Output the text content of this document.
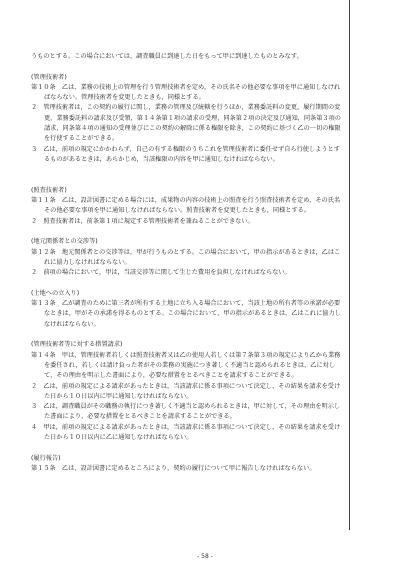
うものとする。この場合においては，調査職員に到達した日をもって甲に到達したものとみなす。

(管理技術者)

第１０条　乙は，業務の技術上の管理を行う管理技術者を定め，その氏名その他必要な事項を甲に通知しなければならない。管理技術者を変更したときも，同様とする。

２　管理技術者は，この契約の履行に関し，業務の管理及び統轄を行うほか，業務委託料の変更，履行期間の変更，業務委託料の請求及び受領，第１４条第１項の請求の受理，同条第２項の決定及び通知，同条第３項の請求，同条第４項の通知の受理並びにこの契約の解除に係る権限を除き，この契約に基づく乙の一切の権限を行使することができる。

３　乙は，前項の規定にかかわらず，自己の有する権限のうちこれを管理技術者に委任せず自ら行使しようとするものがあるときは，あらかじめ，当該権限の内容を甲に通知しなければならない。

(照査技術者)

第１１条　乙は，設計図書に定める場合には，成果物の内容の技術上の照査を行う照査技術者を定め，その氏名その他必要な事項を甲に通知しなければならない。照査技術者を変更したときも，同様とする。

２　照査技術者は，前条第１項に規定する管理技術者を兼ねることができない。

(地元関係者との交渉等)

第１２条　地元関係者との交渉等は，甲が行うものとする。この場合において，甲の指示があるときは，乙はこれに協力しなければならない。

２　前項の場合において，甲は，当該交渉等に関して生じた費用を負担しなければならない。

(土地への立入り)

第１３条　乙が調査のために第三者が所有する土地に立ち入る場合において，当該土地の所有者等の承諾が必要なときは，甲がその承諾を得るものとする。この場合において，甲の指示があるときは，乙はこれに協力しなければならない。

(管理技術者等に対する措置請求)

第１４条　甲は，管理技術者若しくは照査技術者又は乙の使用人若しくは第７条第３項の規定により乙から業務を委任され，若しくは請け負った者がその業務の実施につき著しく不適当と認められるときは，乙に対して，その理由を明示した書面により，必要な措置をとるべきことを請求することができる。

２　乙は，前項の規定による請求があったときは，当該請求に係る事項について決定し，その結果を請求を受けた日から１０日以内に甲に通知しなければならない。

３　乙は，調査職員がその職務の執行につき著しく不適当と認められるときは，甲に対して，その理由を明示した書面により，必要な措置をとるべきことを請求することができる。

４　甲は，前項の規定による請求があったときは，当該請求に係る事項について決定し，その結果を請求を受けた日から１０日以内に乙に通知しなければならない。

(履行報告)

第１５条　乙は，設計図書に定めるところにより，契約の履行について甲に報告しなければならない。

- 58 -
